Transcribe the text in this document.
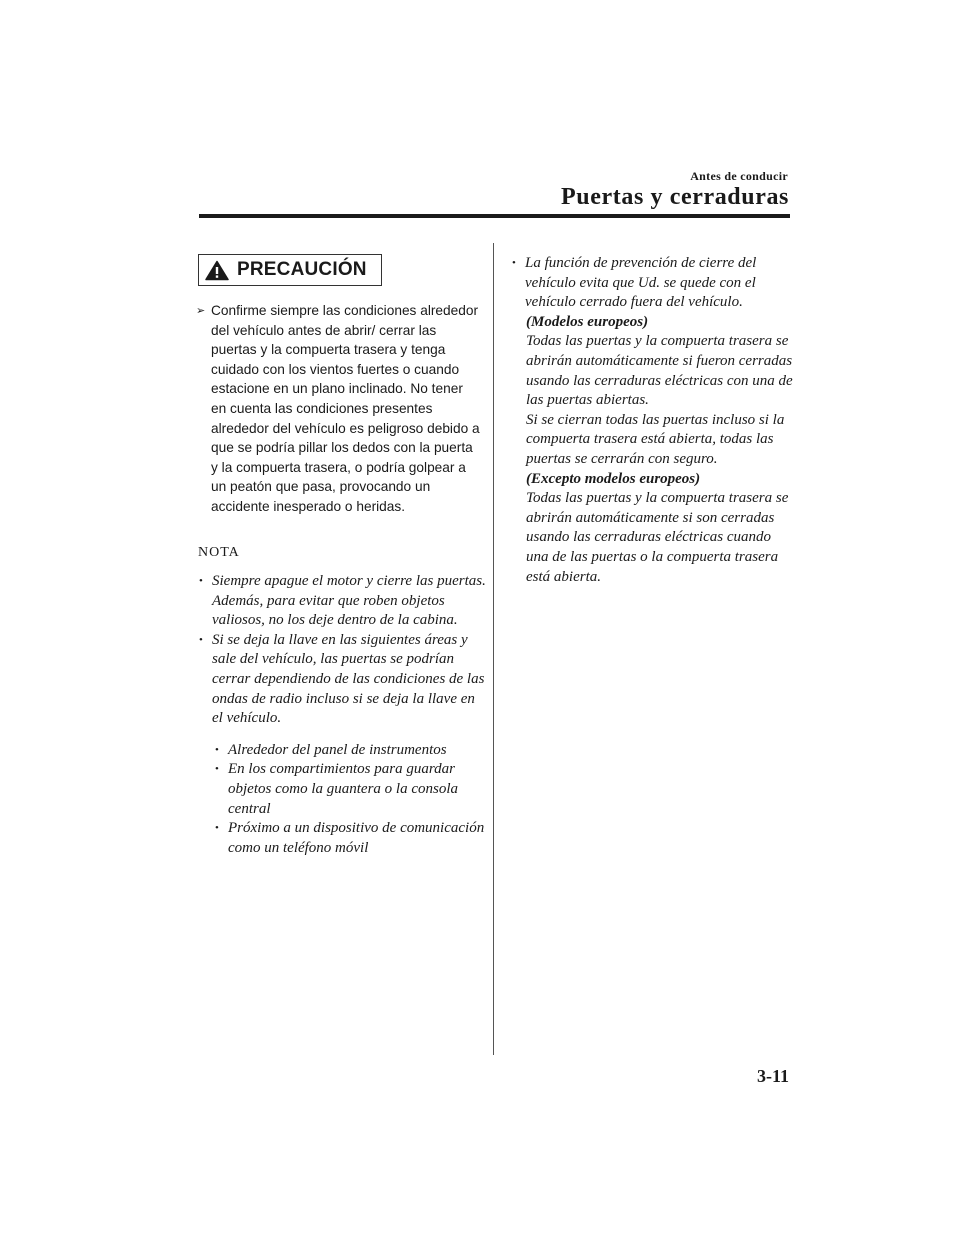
Antes de conducir
Puertas y cerraduras
PRECAUCIÓN
➢ Confirme siempre las condiciones alrededor del vehículo antes de abrir/ cerrar las puertas y la compuerta trasera y tenga cuidado con los vientos fuertes o cuando estacione en un plano inclinado. No tener en cuenta las condiciones presentes alrededor del vehículo es peligroso debido a que se podría pillar los dedos con la puerta y la compuerta trasera, o podría golpear a un peatón que pasa, provocando un accidente inesperado o heridas.
NOTA
• Siempre apague el motor y cierre las puertas. Además, para evitar que roben objetos valiosos, no los deje dentro de la cabina.
• Si se deja la llave en las siguientes áreas y sale del vehículo, las puertas se podrían cerrar dependiendo de las condiciones de las ondas de radio incluso si se deja la llave en el vehículo.
• Alrededor del panel de instrumentos
• En los compartimientos para guardar objetos como la guantera o la consola central
• Próximo a un dispositivo de comunicación como un teléfono móvil
• La función de prevención de cierre del vehículo evita que Ud. se quede con el vehículo cerrado fuera del vehículo.
(Modelos europeos)
Todas las puertas y la compuerta trasera se abrirán automáticamente si fueron cerradas usando las cerraduras eléctricas con una de las puertas abiertas.
Si se cierran todas las puertas incluso si la compuerta trasera está abierta, todas las puertas se cerrarán con seguro.
(Excepto modelos europeos)
Todas las puertas y la compuerta trasera se abrirán automáticamente si son cerradas usando las cerraduras eléctricas cuando una de las puertas o la compuerta trasera está abierta.
3-11
